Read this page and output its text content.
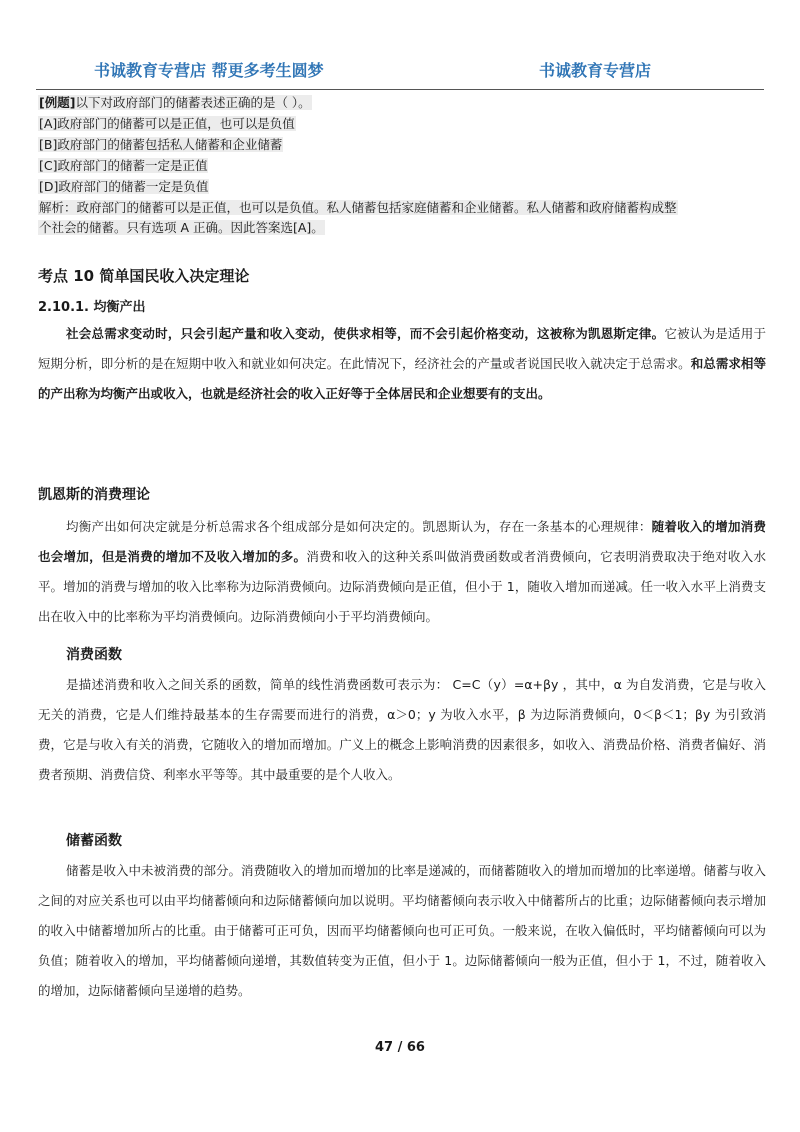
书诚教育专营店 帮更多考生圆梦	书诚教育专营店
[例题]以下对政府部门的储蓄表述正确的是（ ）。
[A]政府部门的储蓄可以是正值，也可以是负值
[B]政府部门的储蓄包括私人储蓄和企业储蓄
[C]政府部门的储蓄一定是正值
[D]政府部门的储蓄一定是负值
解析：政府部门的储蓄可以是正值，也可以是负值。私人储蓄包括家庭储蓄和企业储蓄。私人储蓄和政府储蓄构成整
个社会的储蓄。只有选项 A 正确。因此答案选[A]。
考点 10 简单国民收入决定理论
2.10.1. 均衡产出
社会总需求变动时，只会引起产量和收入变动，使供求相等，而不会引起价格变动，这被称为凯恩斯定律。它被认为是适用于短期分析，即分析的是在短期中收入和就业如何决定。在此情况下，经济社会的产量或者说国民收入就决定于总需求。和总需求相等的产出称为均衡产出或收入，也就是经济社会的收入正好等于全体居民和企业想要有的支出。
凯恩斯的消费理论
均衡产出如何决定就是分析总需求各个组成部分是如何决定的。凯恩斯认为，存在一条基本的心理规律：随着收入的增加消费也会增加，但是消费的增加不及收入增加的多。消费和收入的这种关系叫做消费函数或者消费倾向，它表明消费取决于绝对收入水平。增加的消费与增加的收入比率称为边际消费倾向。边际消费倾向是正值，但小于 1，随收入增加而递减。任一收入水平上消费支出在收入中的比率称为平均消费倾向。边际消费倾向小于平均消费倾向。
消费函数
是描述消费和收入之间关系的函数，简单的线性消费函数可表示为： C=C（y）=α+βy ，其中，α 为自发消费，它是与收入无关的消费，它是人们维持最基本的生存需要而进行的消费，α＞0；y 为收入水平，β 为边际消费倾向，0＜β＜1；βy 为引致消费，它是与收入有关的消费，它随收入的增加而增加。广义上的概念上影响消费的因素很多，如收入、消费品价格、消费者偏好、消费者预期、消费信贷、利率水平等等。其中最重要的是个人收入。
储蓄函数
储蓄是收入中未被消费的部分。消费随收入的增加而增加的比率是递减的，而储蓄随收入的增加而增加的比率递增。储蓄与收入之间的对应关系也可以由平均储蓄倾向和边际储蓄倾向加以说明。平均储蓄倾向表示收入中储蓄所占的比重；边际储蓄倾向表示增加的收入中储蓄增加所占的比重。由于储蓄可正可负，因而平均储蓄倾向也可正可负。一般来说，在收入偏低时，平均储蓄倾向可以为负值；随着收入的增加，平均储蓄倾向递增，其数值转变为正值，但小于 1。边际储蓄倾向一般为正值，但小于 1，不过，随着收入的增加，边际储蓄倾向呈递增的趋势。
47 / 66
